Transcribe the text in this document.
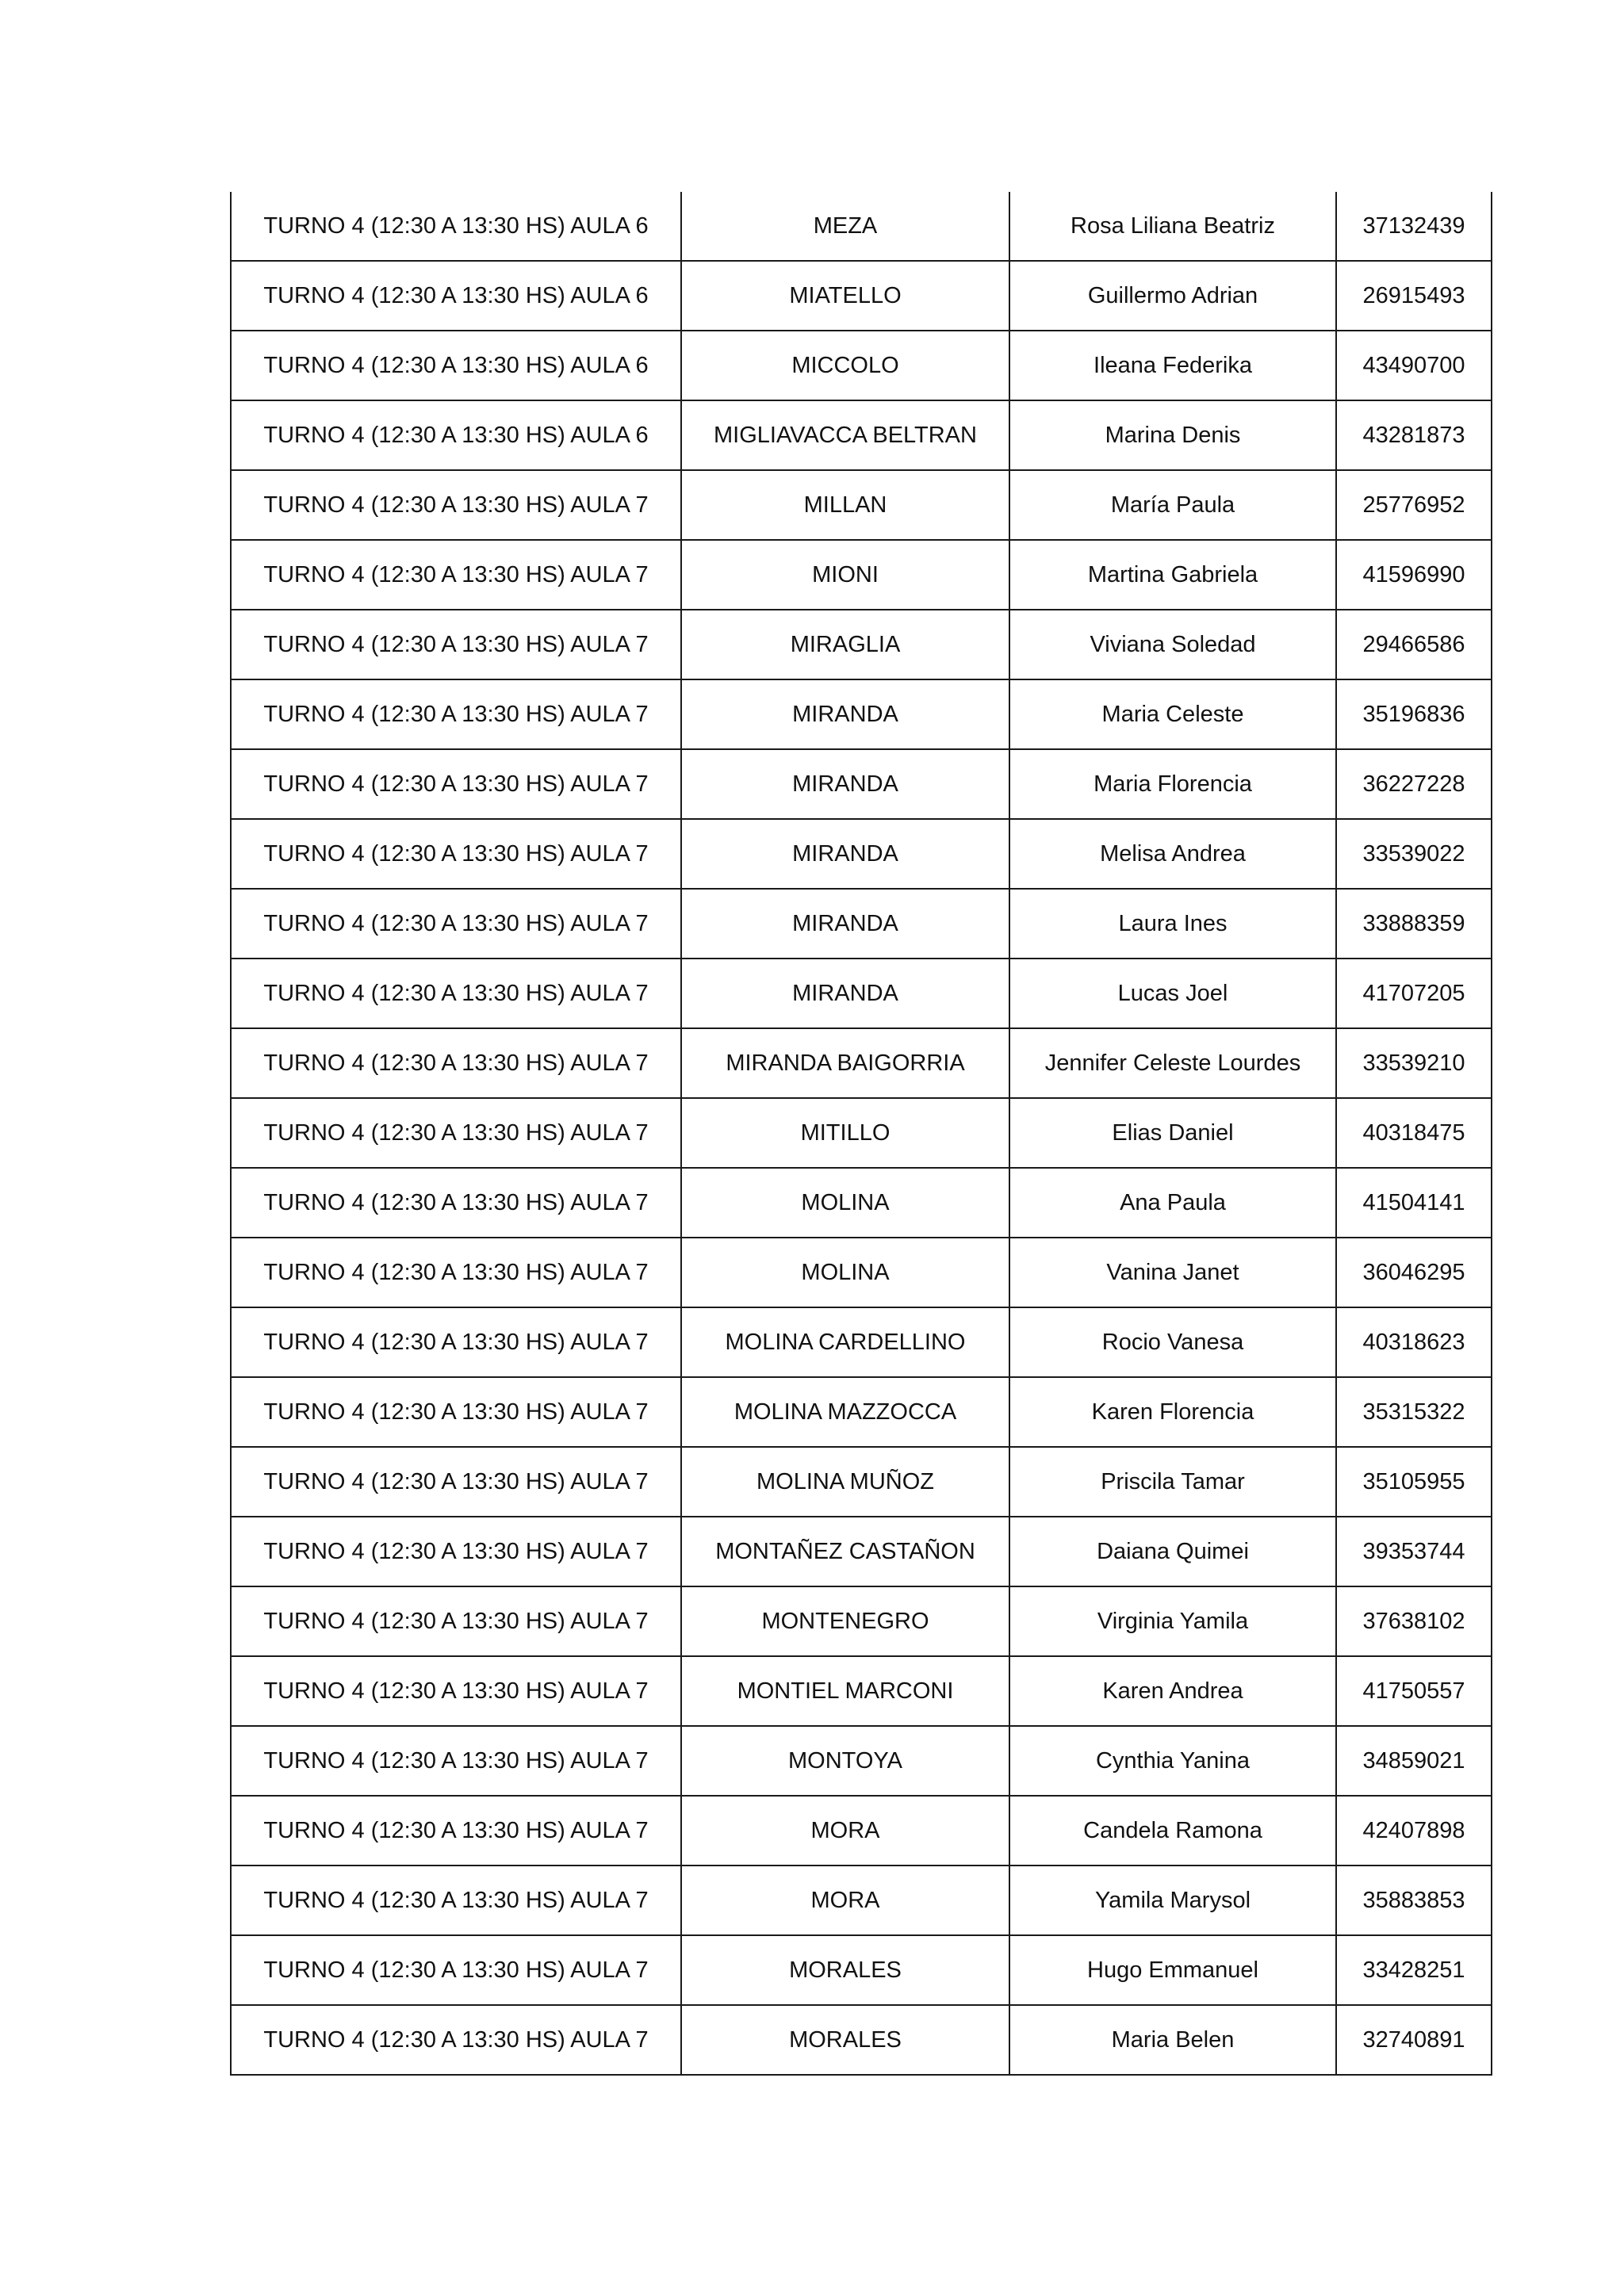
TURNO 4 (12:30 A 13:30 HS) AULA 6	MEZA	Rosa Liliana Beatriz	37132439
TURNO 4 (12:30 A 13:30 HS) AULA 6	MIATELLO	Guillermo Adrian	26915493
TURNO 4 (12:30 A 13:30 HS) AULA 6	MICCOLO	Ileana Federika	43490700
TURNO 4 (12:30 A 13:30 HS) AULA 6	MIGLIAVACCA BELTRAN	Marina Denis	43281873
TURNO 4 (12:30 A 13:30 HS) AULA 7	MILLAN	María Paula	25776952
TURNO 4 (12:30 A 13:30 HS) AULA 7	MIONI	Martina Gabriela	41596990
TURNO 4 (12:30 A 13:30 HS) AULA 7	MIRAGLIA	Viviana Soledad	29466586
TURNO 4 (12:30 A 13:30 HS) AULA 7	MIRANDA	Maria Celeste	35196836
TURNO 4 (12:30 A 13:30 HS) AULA 7	MIRANDA	Maria Florencia	36227228
TURNO 4 (12:30 A 13:30 HS) AULA 7	MIRANDA	Melisa Andrea	33539022
TURNO 4 (12:30 A 13:30 HS) AULA 7	MIRANDA	Laura Ines	33888359
TURNO 4 (12:30 A 13:30 HS) AULA 7	MIRANDA	Lucas Joel	41707205
TURNO 4 (12:30 A 13:30 HS) AULA 7	MIRANDA BAIGORRIA	Jennifer Celeste Lourdes	33539210
TURNO 4 (12:30 A 13:30 HS) AULA 7	MITILLO	Elias Daniel	40318475
TURNO 4 (12:30 A 13:30 HS) AULA 7	MOLINA	Ana Paula	41504141
TURNO 4 (12:30 A 13:30 HS) AULA 7	MOLINA	Vanina Janet	36046295
TURNO 4 (12:30 A 13:30 HS) AULA 7	MOLINA CARDELLINO	Rocio Vanesa	40318623
TURNO 4 (12:30 A 13:30 HS) AULA 7	MOLINA MAZZOCCA	Karen Florencia	35315322
TURNO 4 (12:30 A 13:30 HS) AULA 7	MOLINA MUÑOZ	Priscila Tamar	35105955
TURNO 4 (12:30 A 13:30 HS) AULA 7	MONTAÑEZ CASTAÑON	Daiana Quimei	39353744
TURNO 4 (12:30 A 13:30 HS) AULA 7	MONTENEGRO	Virginia Yamila	37638102
TURNO 4 (12:30 A 13:30 HS) AULA 7	MONTIEL MARCONI	Karen Andrea	41750557
TURNO 4 (12:30 A 13:30 HS) AULA 7	MONTOYA	Cynthia Yanina	34859021
TURNO 4 (12:30 A 13:30 HS) AULA 7	MORA	Candela Ramona	42407898
TURNO 4 (12:30 A 13:30 HS) AULA 7	MORA	Yamila Marysol	35883853
TURNO 4 (12:30 A 13:30 HS) AULA 7	MORALES	Hugo Emmanuel	33428251
TURNO 4 (12:30 A 13:30 HS) AULA 7	MORALES	Maria Belen	32740891
